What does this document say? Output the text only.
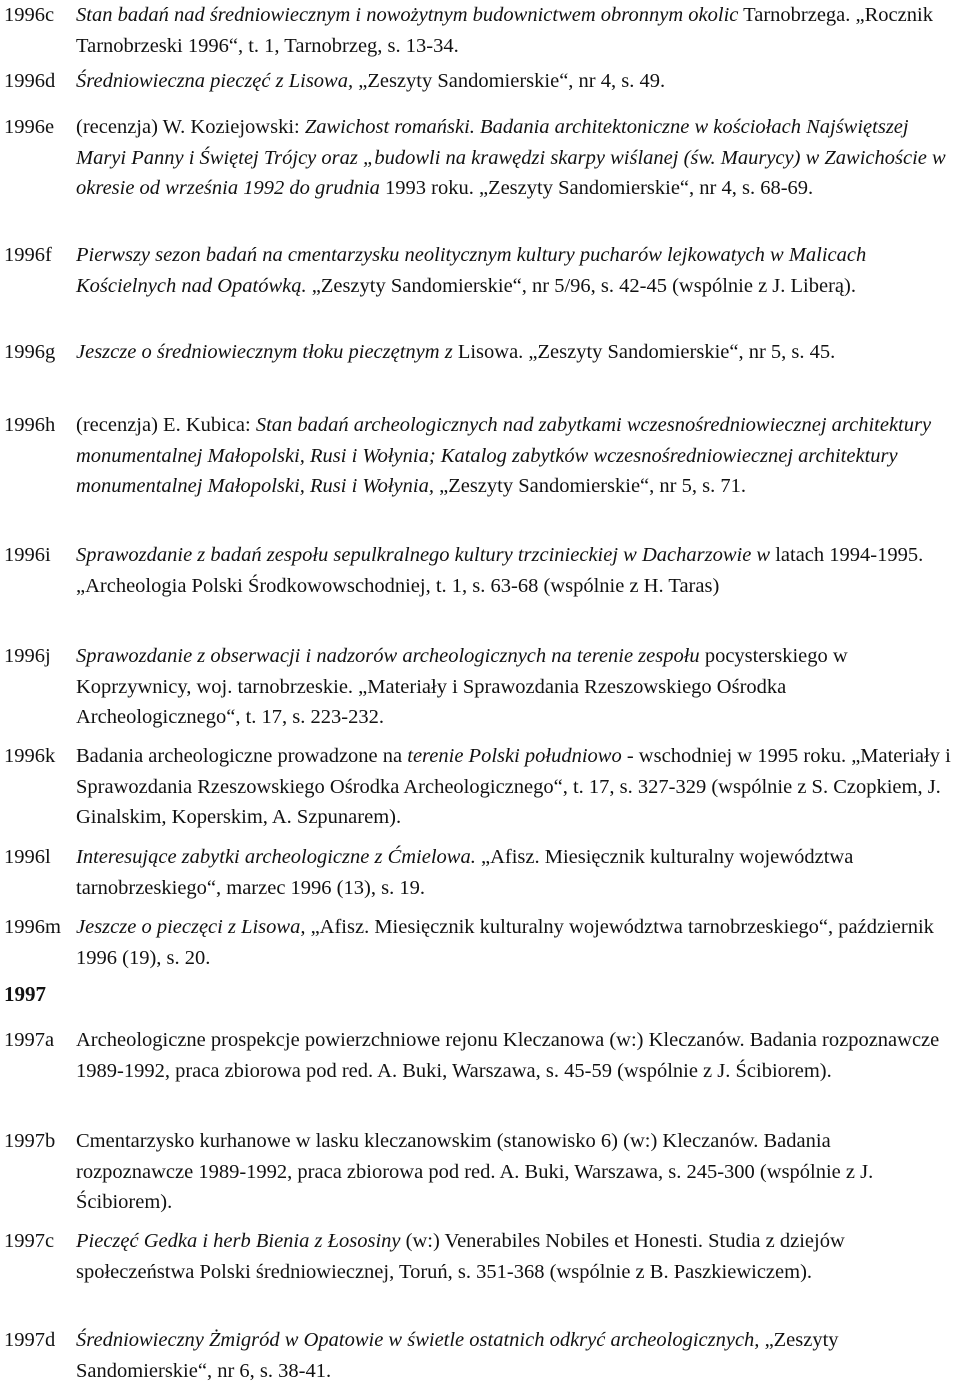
1996c Stan badań nad średniowiecznym i nowożytnym budownictwem obronnym okolic Tarnobrzega. „Rocznik Tarnobrzeski 1996“, t. 1, Tarnobrzeg, s. 13-34.
1996d Średniowieczna pieczęć z Lisowa, „Zeszyty Sandomierskie“, nr 4, s. 49.
1996e (recenzja) W. Koziejowski: Zawichost romański. Badania architektoniczne w kościołach Najświętszej Maryi Panny i Świętej Trójcy oraz „budowli na krawędzi skarpy wiślanej (św. Maurycy) w Zawichoście w okresie od września 1992 do grudnia 1993 roku. „Zeszyty Sandomierskie“, nr 4, s. 68-69.
1996f Pierwszy sezon badań na cmentarzysku neolitycznym kultury pucharów lejkowatych w Malicach Kościelnych nad Opatówką. „Zeszyty Sandomierskie“, nr 5/96, s. 42-45 (wspólnie z J. Liberą).
1996g Jeszcze o średniowiecznym tłoku pieczętnym z Lisowa. „Zeszyty Sandomierskie“, nr 5, s. 45.
1996h (recenzja) E. Kubica: Stan badań archeologicznych nad zabytkami wczesnośredniowiecznej architektury monumentalnej Małopolski, Rusi i Wołynia; Katalog zabytków wczesnośredniowiecznej architektury monumentalnej Małopolski, Rusi i Wołynia, „Zeszyty Sandomierskie“, nr 5, s. 71.
1996i Sprawozdanie z badań zespołu sepulkralnego kultury trzcinieckiej w Dacharzowie w latach 1994-1995. „Archeologia Polski Środkowowschodniej, t. 1, s. 63-68 (wspólnie z H. Taras)
1996j Sprawozdanie z obserwacji i nadzorów archeologicznych na terenie zespołu pocysterskiego w Koprzywnicy, woj. tarnobrzeskie. „Materiały i Sprawozdania Rzeszowskiego Ośrodka Archeologicznego“, t. 17, s. 223-232.
1996k Badania archeologiczne prowadzone na terenie Polski południowo - wschodniej w 1995 roku. „Materiały i Sprawozdania Rzeszowskiego Ośrodka Archeologicznego“, t. 17, s. 327-329 (wspólnie z S. Czopkiem, J. Ginalskim, Koperskim, A. Szpunarem).
1996l Interesujące zabytki archeologiczne z Ćmielowa. „Afisz. Miesięcznik kulturalny województwa tarnobrzeskiego“, marzec 1996 (13), s. 19.
1996m Jeszcze o pieczęci z Lisowa, „Afisz. Miesięcznik kulturalny województwa tarnobrzeskiego“, październik 1996 (19), s. 20.
1997a Archeologiczne prospekcje powierzchniowe rejonu Kleczanowa (w:) Kleczanów. Badania rozpoznawcze 1989-1992, praca zbiorowa pod red. A. Buki, Warszawa, s. 45-59 (wspólnie z J. Ścibiorem).
1997b Cmentarzysko kurhanowe w lasku kleczanowskim (stanowisko 6) (w:) Kleczanów. Badania rozpoznawcze 1989-1992, praca zbiorowa pod red. A. Buki, Warszawa, s. 245-300 (wspólnie z J. Ścibiorem).
1997c Pieczęć Gedka i herb Bienia z Łososiny (w:) Venerabiles Nobiles et Honesti. Studia z dziejów społeczeństwa Polski średniowiecznej, Toruń, s. 351-368 (wspólnie z B. Paszkiewiczem).
1997d Średniowieczny Żmigród w Opatowie w świetle ostatnich odkryć archeologicznych, „Zeszyty Sandomierskie“, nr 6, s. 38-41.
1997
